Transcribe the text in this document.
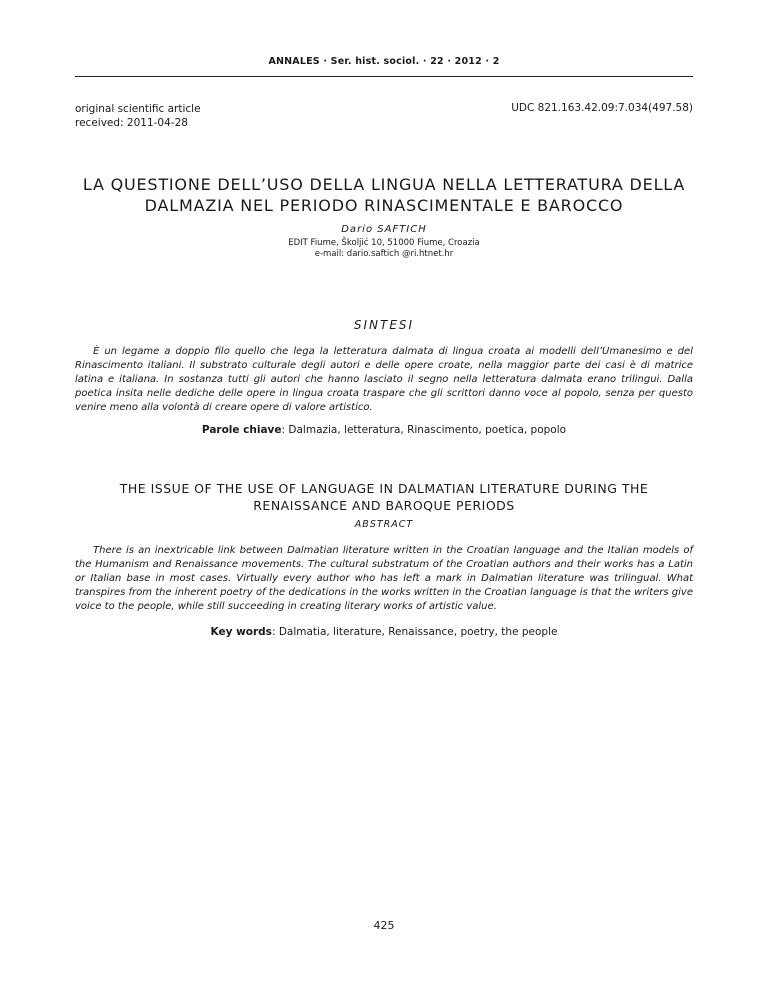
ANNALES · Ser. hist. sociol. · 22 · 2012 · 2
original scientific article
received: 2011-04-28
UDC 821.163.42.09:7.034(497.58)
LA QUESTIONE DELL’USO DELLA LINGUA NELLA LETTERATURA DELLA
DALMAZIA NEL PERIODO RINASCIMENTALE E BAROCCO
Dario SAFTICH
EDIT Fiume, Školjić 10, 51000 Fiume, Croazia
e-mail: dario.saftich @ri.htnet.hr
SINTESI

È un legame a doppio filo quello che lega la letteratura dalmata di lingua croata ai modelli dell’Umanesimo e del Rinascimento italiani. Il substrato culturale degli autori e delle opere croate, nella maggior parte dei casi è di matrice latina e italiana. In sostanza tutti gli autori che hanno lasciato il segno nella letteratura dalmata erano trilingui. Dalla poetica insita nelle dediche delle opere in lingua croata traspare che gli scrittori danno voce al popolo, senza per questo venire meno alla volontà di creare opere di valore artistico.

Parole chiave: Dalmazia, letteratura, Rinascimento, poetica, popolo
THE ISSUE OF THE USE OF LANGUAGE IN DALMATIAN LITERATURE DURING THE
RENAISSANCE AND BAROQUE PERIODS
ABSTRACT

There is an inextricable link between Dalmatian literature written in the Croatian language and the Italian models of the Humanism and Renaissance movements. The cultural substratum of the Croatian authors and their works has a Latin or Italian base in most cases. Virtually every author who has left a mark in Dalmatian literature was trilingual. What transpires from the inherent poetry of the dedications in the works written in the Croatian language is that the writers give voice to the people, while still succeeding in creating literary works of artistic value.

Key words: Dalmatia, literature, Renaissance, poetry, the people
425
